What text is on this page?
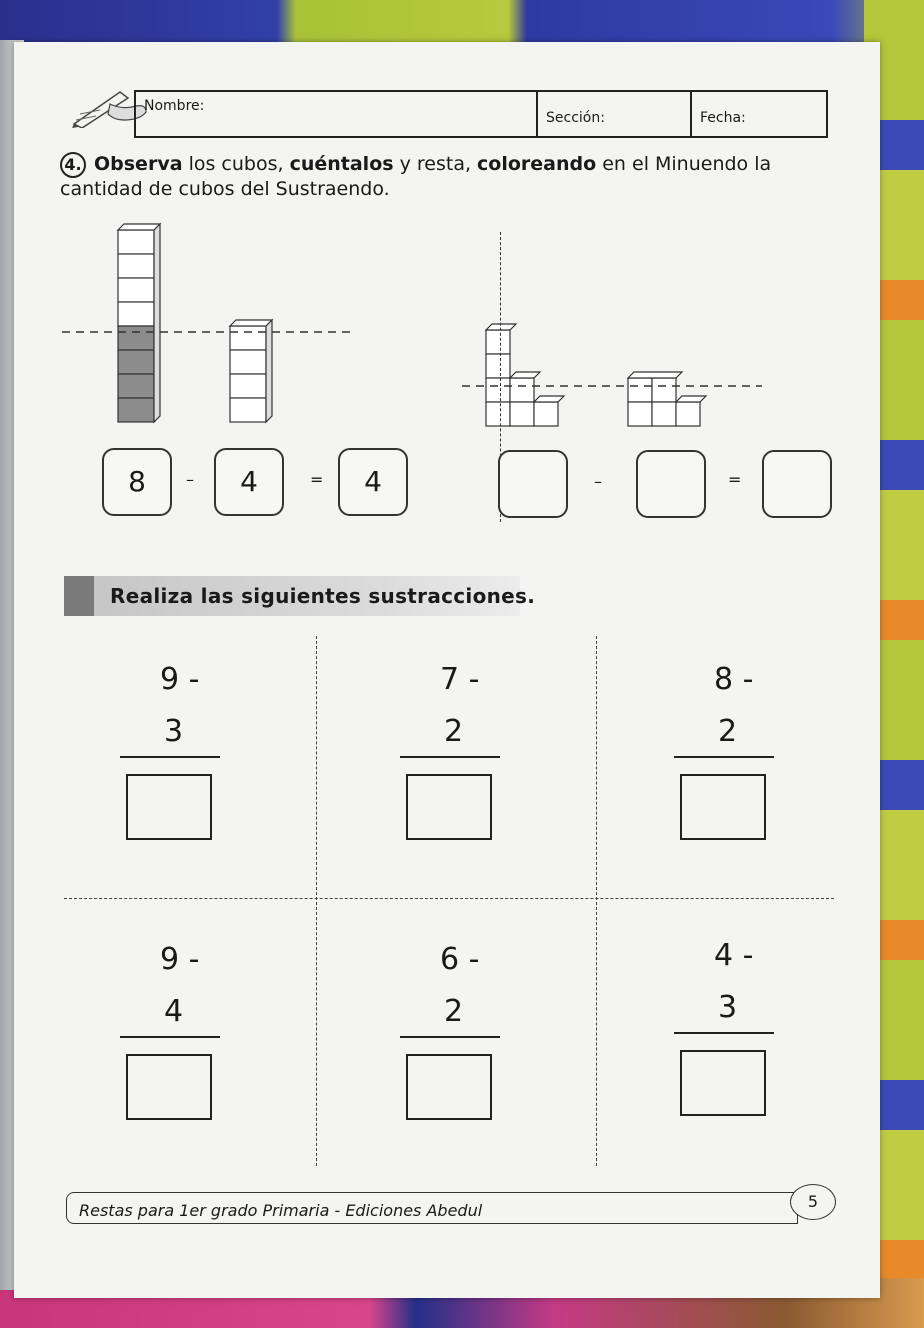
Nombre:
Sección:	Fecha:
4. Observa los cubos, cuéntalos y resta, coloreando en el Minuendo la cantidad de cubos del Sustraendo.
8	–	4	=	4	–	=
Realiza las siguientes sustracciones.
9 -
3
7 -
2
8 -
2
9 -
4
6 -
2
4 -
3
Restas para 1er grado Primaria - Ediciones Abedul	5
